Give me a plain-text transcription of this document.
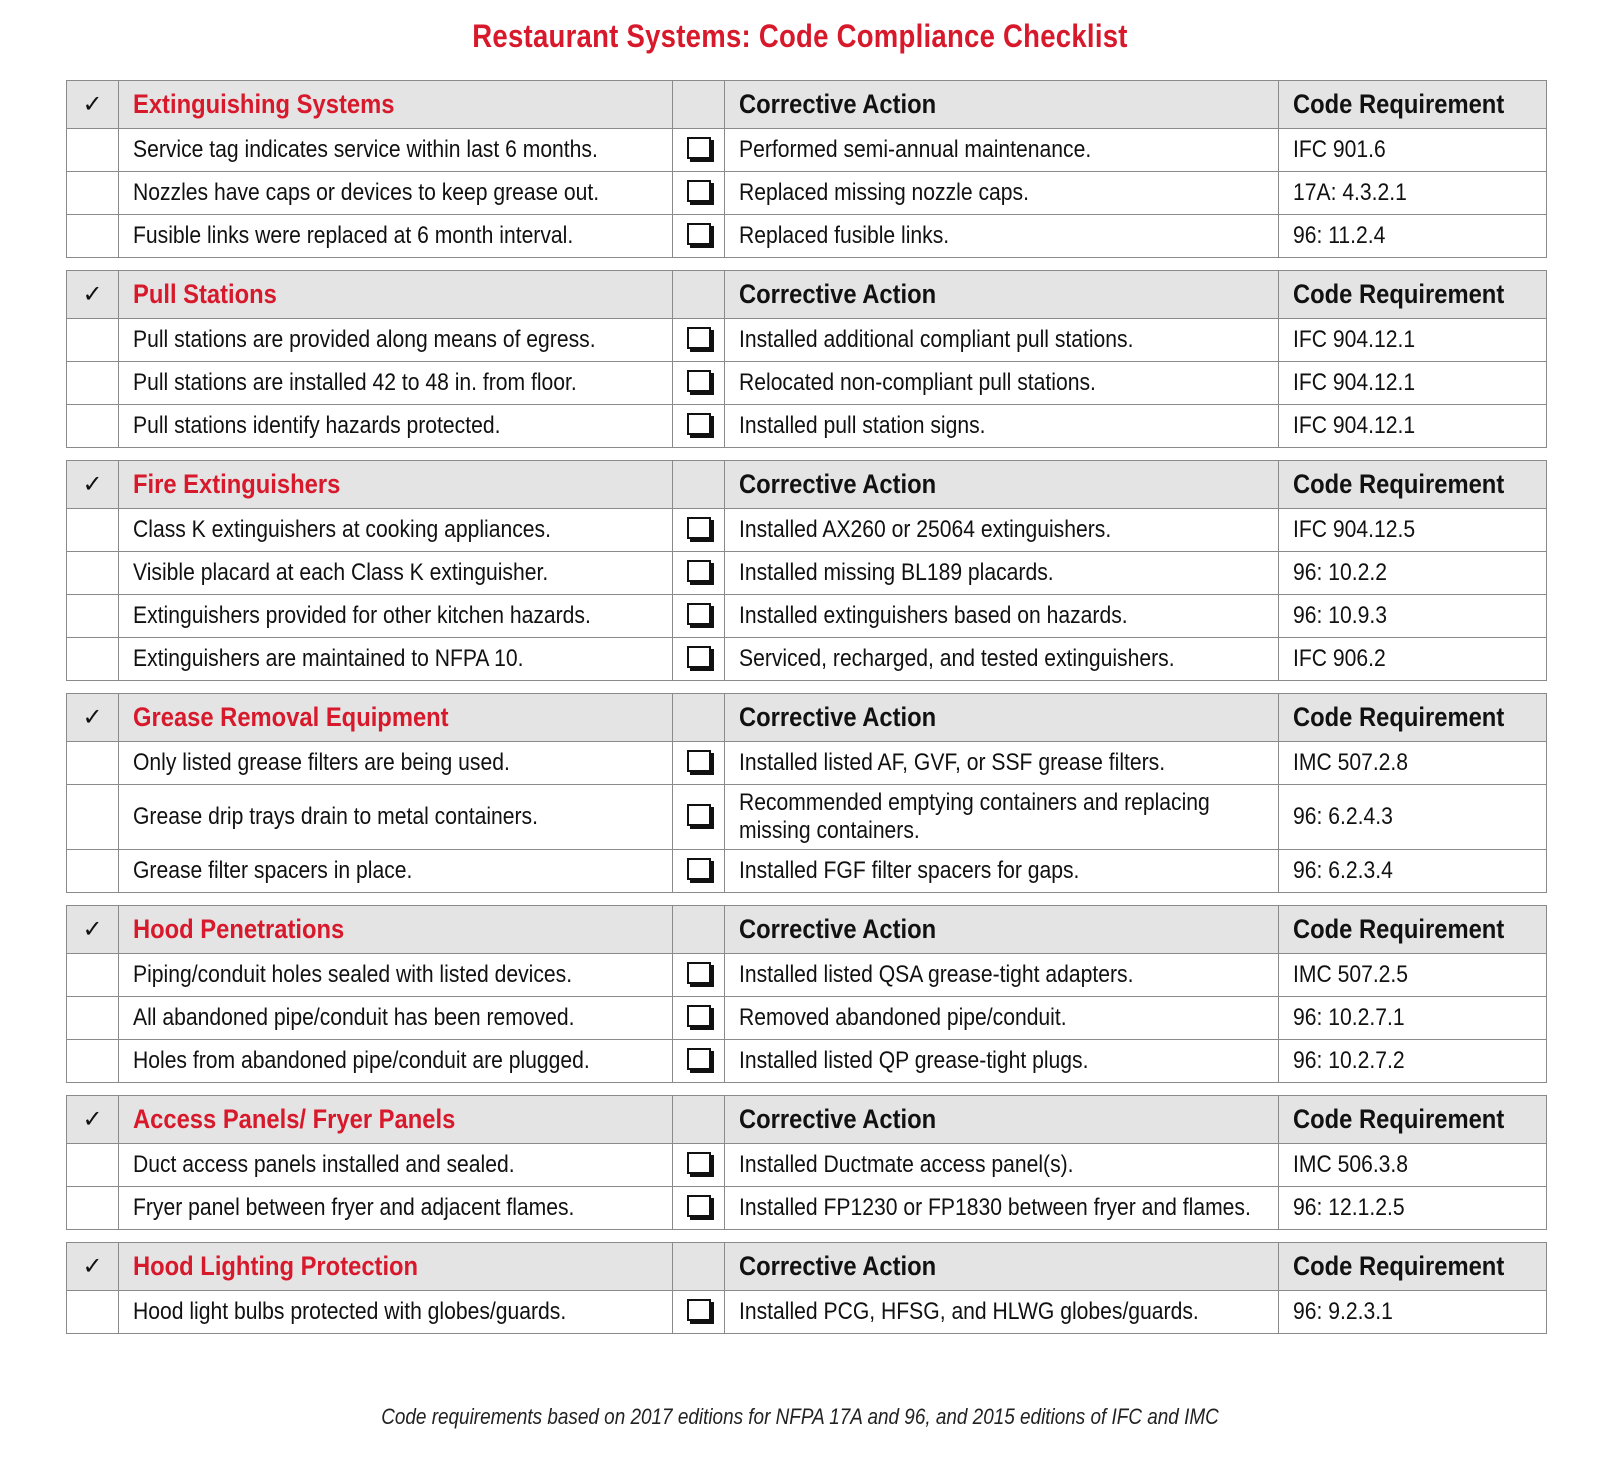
Restaurant Systems: Code Compliance Checklist
✓	Extinguishing Systems		Corrective Action	Code Requirement
	Service tag indicates service within last 6 months.		Performed semi-annual maintenance.	IFC 901.6
	Nozzles have caps or devices to keep grease out.		Replaced missing nozzle caps.	17A: 4.3.2.1
	Fusible links were replaced at 6 month interval.		Replaced fusible links.	96: 11.2.4
✓	Pull Stations		Corrective Action	Code Requirement
	Pull stations are provided along means of egress.		Installed additional compliant pull stations.	IFC 904.12.1
	Pull stations are installed 42 to 48 in. from floor.		Relocated non-compliant pull stations.	IFC 904.12.1
	Pull stations identify hazards protected.		Installed pull station signs.	IFC 904.12.1
✓	Fire Extinguishers		Corrective Action	Code Requirement
	Class K extinguishers at cooking appliances.		Installed AX260 or 25064 extinguishers.	IFC 904.12.5
	Visible placard at each Class K extinguisher.		Installed missing BL189 placards.	96: 10.2.2
	Extinguishers provided for other kitchen hazards.		Installed extinguishers based on hazards.	96: 10.9.3
	Extinguishers are maintained to NFPA 10.		Serviced, recharged, and tested extinguishers.	IFC 906.2
✓	Grease Removal Equipment		Corrective Action	Code Requirement
	Only listed grease filters are being used.		Installed listed AF, GVF, or SSF grease filters.	IMC 507.2.8
	Grease drip trays drain to metal containers.		Recommended emptying containers and replacing missing containers.	96: 6.2.4.3
	Grease filter spacers in place.		Installed FGF filter spacers for gaps.	96: 6.2.3.4
✓	Hood Penetrations		Corrective Action	Code Requirement
	Piping/conduit holes sealed with listed devices.		Installed listed QSA grease-tight adapters.	IMC 507.2.5
	All abandoned pipe/conduit has been removed.		Removed abandoned pipe/conduit.	96: 10.2.7.1
	Holes from abandoned pipe/conduit are plugged.		Installed listed QP grease-tight plugs.	96: 10.2.7.2
✓	Access Panels/ Fryer Panels		Corrective Action	Code Requirement
	Duct access panels installed and sealed.		Installed Ductmate access panel(s).	IMC 506.3.8
	Fryer panel between fryer and adjacent flames.		Installed FP1230 or FP1830 between fryer and flames.	96: 12.1.2.5
✓	Hood Lighting Protection		Corrective Action	Code Requirement
	Hood light bulbs protected with globes/guards.		Installed PCG, HFSG, and HLWG globes/guards.	96: 9.2.3.1
Code requirements based on 2017 editions for NFPA 17A and 96, and 2015 editions of IFC and IMC
